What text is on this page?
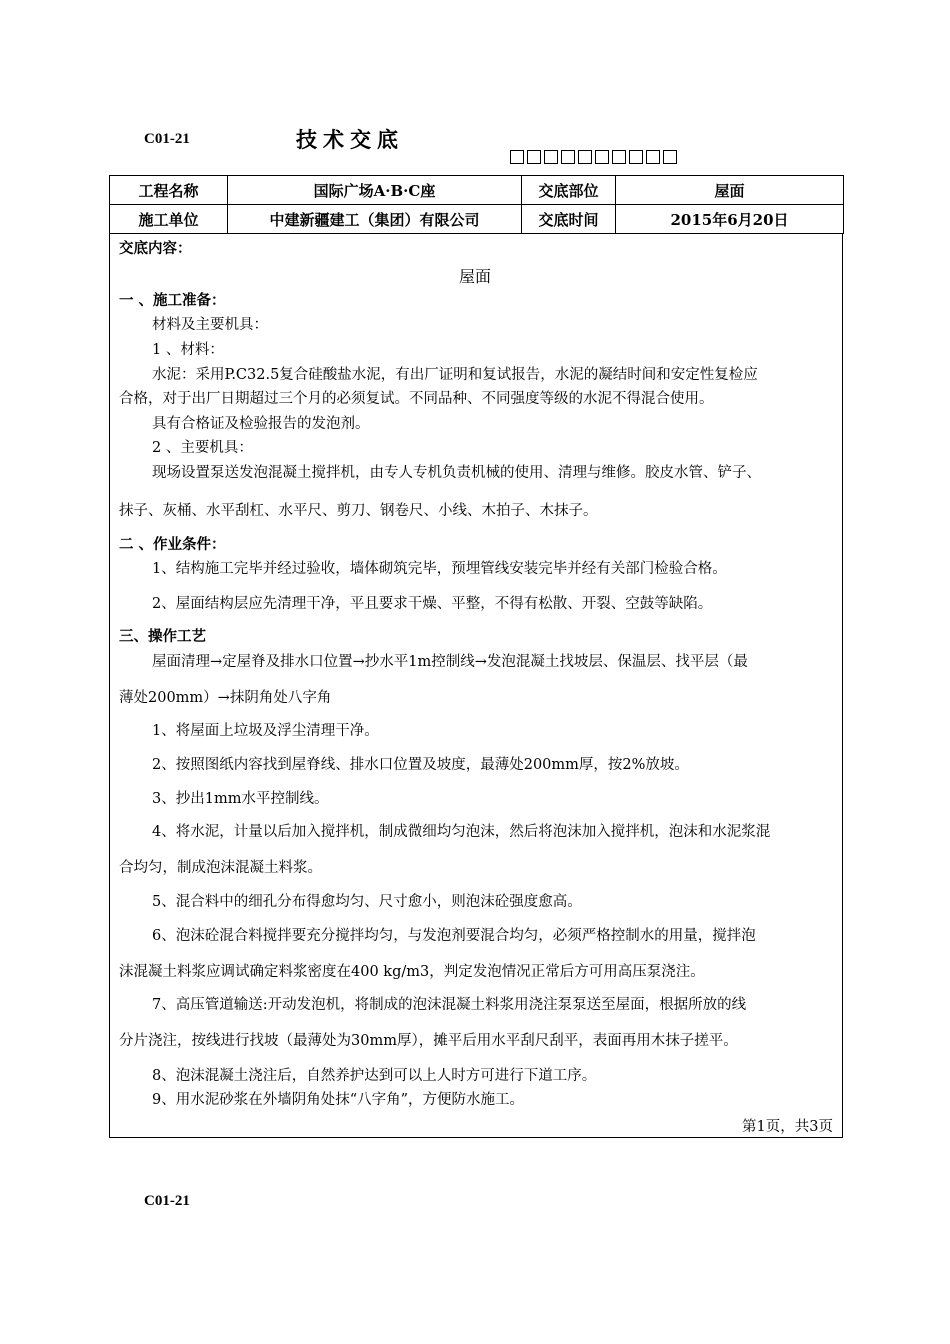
C01-21	技术交底
工程名称	国际广场A·B·C座	交底部位	屋面
施工单位	中建新疆建工（集团）有限公司	交底时间	2015年6月20日
交底内容：
屋面
一 、施工准备：
材料及主要机具：
1 、材料：
水泥：采用P.C32.5复合硅酸盐水泥，有出厂证明和复试报告，水泥的凝结时间和安定性复检应
合格，对于出厂日期超过三个月的必须复试。不同品种、不同强度等级的水泥不得混合使用。
具有合格证及检验报告的发泡剂。
2 、主要机具：
现场设置泵送发泡混凝土搅拌机，由专人专机负责机械的使用、清理与维修。胶皮水管、铲子、
抹子、灰桶、水平刮杠、水平尺、剪刀、钢卷尺、小线、木拍子、木抹子。
二 、作业条件：
1、结构施工完毕并经过验收，墙体砌筑完毕，预埋管线安装完毕并经有关部门检验合格。
2、屋面结构层应先清理干净，平且要求干燥、平整，不得有松散、开裂、空鼓等缺陷。
三、操作工艺
屋面清理→定屋脊及排水口位置→抄水平1m控制线→发泡混凝土找坡层、保温层、找平层（最
薄处200mm）→抹阴角处八字角
1、将屋面上垃圾及浮尘清理干净。
2、按照图纸内容找到屋脊线、排水口位置及坡度，最薄处200mm厚，按2%放坡。
3、抄出1mm水平控制线。
4、将水泥，计量以后加入搅拌机，制成微细均匀泡沫，然后将泡沫加入搅拌机，泡沫和水泥浆混
合均匀，制成泡沫混凝土料浆。
5、混合料中的细孔分布得愈均匀、尺寸愈小，则泡沫砼强度愈高。
6、泡沫砼混合料搅拌要充分搅拌均匀，与发泡剂要混合均匀，必须严格控制水的用量，搅拌泡
沫混凝土料浆应调试确定料浆密度在400 kg/m3，判定发泡情况正常后方可用高压泵浇注。
7、高压管道输送:开动发泡机，将制成的泡沫混凝土料浆用浇注泵泵送至屋面，根据所放的线
分片浇注，按线进行找坡（最薄处为30mm厚），摊平后用水平刮尺刮平，表面再用木抹子搓平。
8、泡沫混凝土浇注后，自然养护达到可以上人时方可进行下道工序。
9、用水泥砂浆在外墙阴角处抹“八字角”，方便防水施工。
第1页，共3页
C01-21
